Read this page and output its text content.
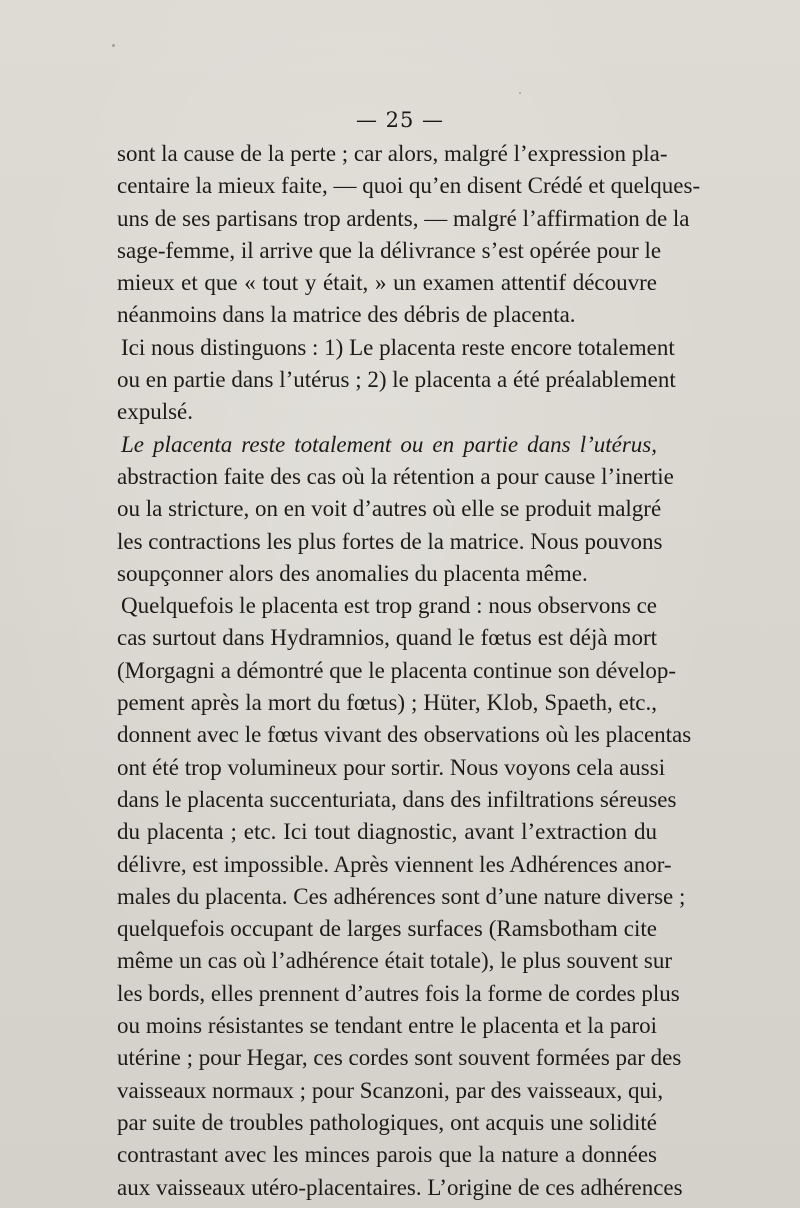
— 25 —
sont la cause de la perte ; car alors, malgré l’expression pla-
centaire la mieux faite, — quoi qu’en disent Crédé et quelques-
uns de ses partisans trop ardents, — malgré l’affirmation de la
sage-femme, il arrive que la délivrance s’est opérée pour le
mieux et que « tout y était, » un examen attentif découvre
néanmoins dans la matrice des débris de placenta.
Ici nous distinguons : 1) Le placenta reste encore totalement
ou en partie dans l’utérus ; 2) le placenta a été préalablement
expulsé.
Le placenta reste totalement ou en partie dans l’utérus,
abstraction faite des cas où la rétention a pour cause l’inertie
ou la stricture, on en voit d’autres où elle se produit malgré
les contractions les plus fortes de la matrice. Nous pouvons
soupçonner alors des anomalies du placenta même.
Quelquefois le placenta est trop grand : nous observons ce
cas surtout dans Hydramnios, quand le fœtus est déjà mort
(Morgagni a démontré que le placenta continue son dévelop-
pement après la mort du fœtus) ; Hüter, Klob, Spaeth, etc.,
donnent avec le fœtus vivant des observations où les placentas
ont été trop volumineux pour sortir. Nous voyons cela aussi
dans le placenta succenturiata, dans des infiltrations séreuses
du placenta ; etc. Ici tout diagnostic, avant l’extraction du
délivre, est impossible. Après viennent les Adhérences anor-
males du placenta. Ces adhérences sont d’une nature diverse ;
quelquefois occupant de larges surfaces (Ramsbotham cite
même un cas où l’adhérence était totale), le plus souvent sur
les bords, elles prennent d’autres fois la forme de cordes plus
ou moins résistantes se tendant entre le placenta et la paroi
utérine ; pour Hegar, ces cordes sont souvent formées par des
vaisseaux normaux ; pour Scanzoni, par des vaisseaux, qui,
par suite de troubles pathologiques, ont acquis une solidité
contrastant avec les minces parois que la nature a données
aux vaisseaux utéro-placentaires. L’origine de ces adhérences
